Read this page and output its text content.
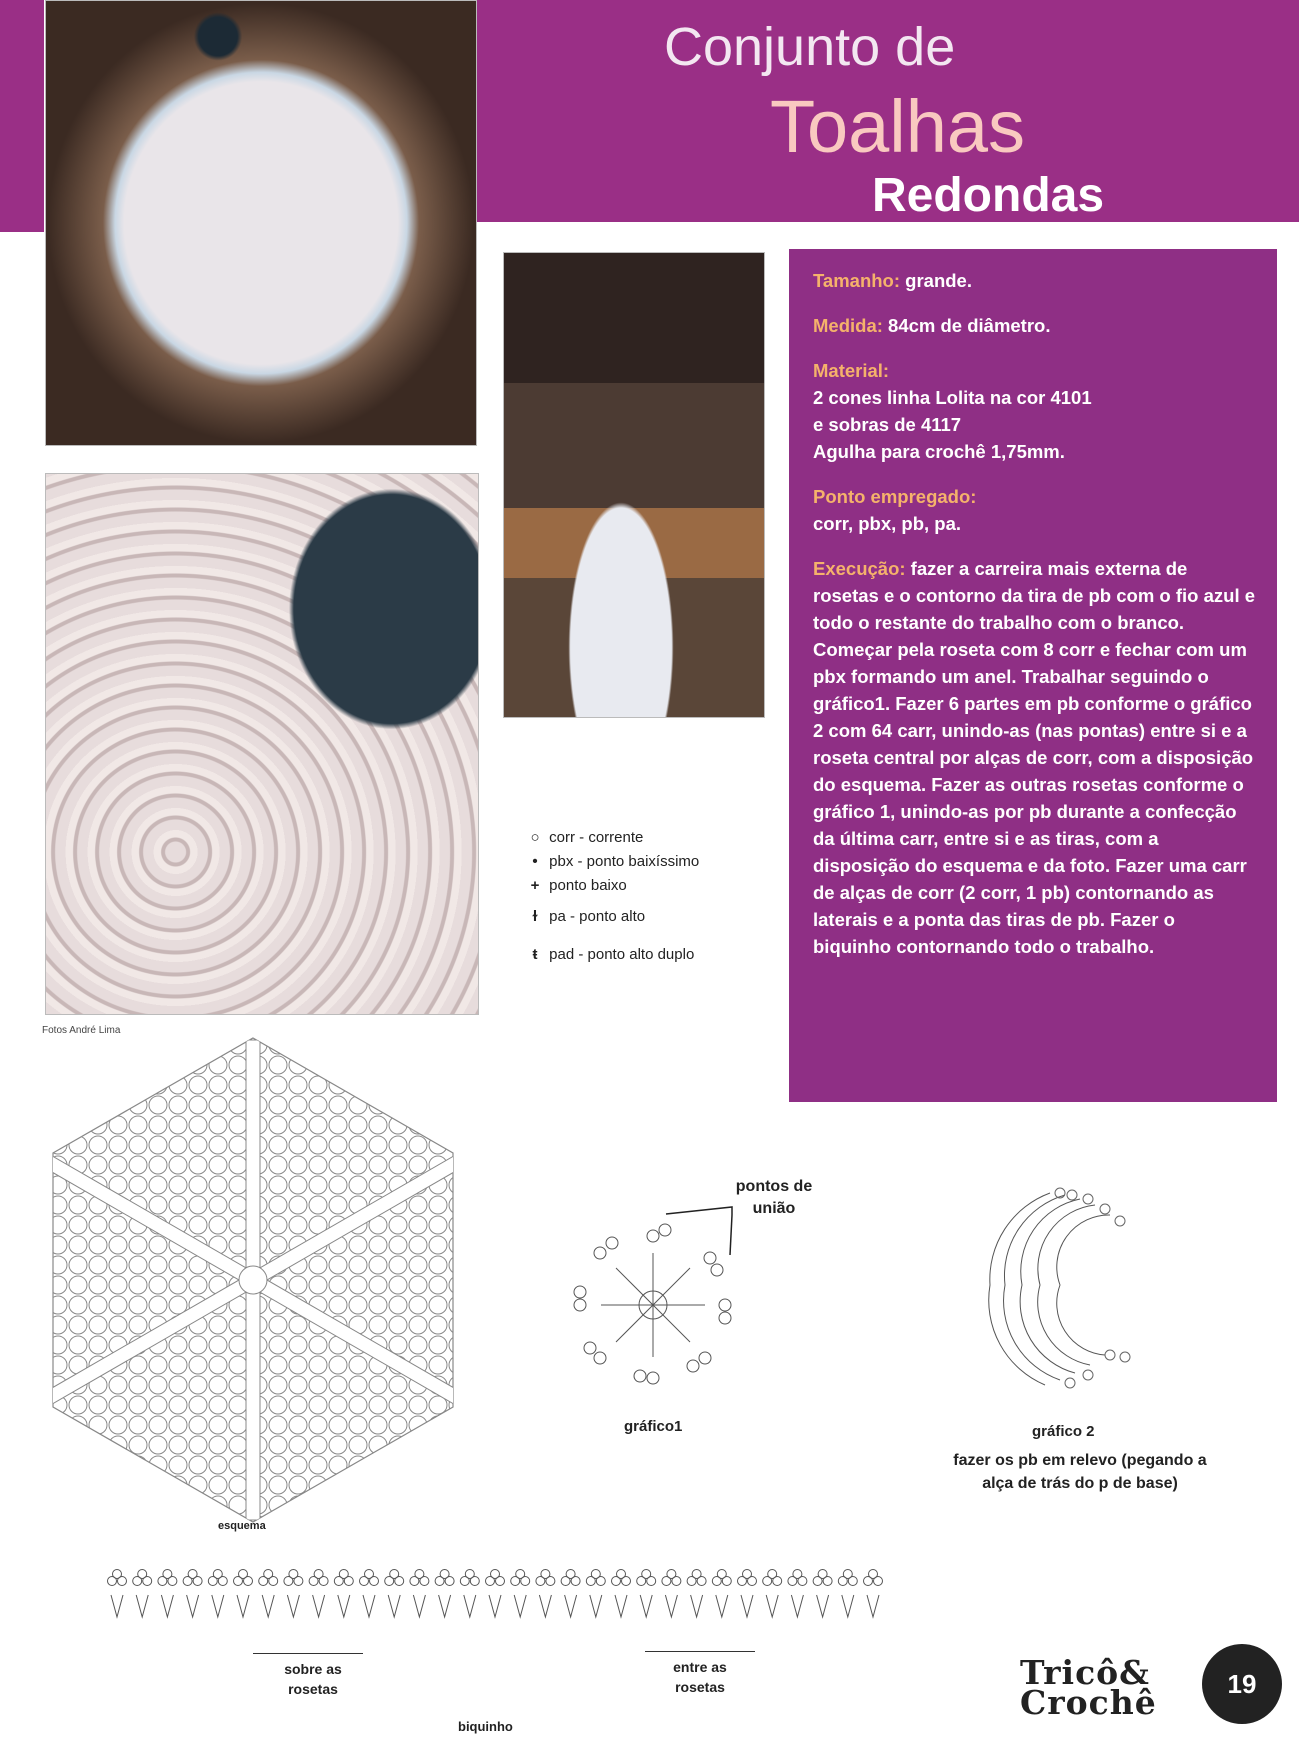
Conjunto de
Toalhas
Redondas
Fotos André Lima

Tamanho: grande.

Medida: 84cm de diâmetro.

Material:
2 cones linha Lolita na cor 4101
e sobras de 4117
Agulha para crochê 1,75mm.

Ponto empregado:
corr, pbx, pb, pa.

Execução: fazer a carreira mais externa de rosetas e o contorno da tira de pb com o fio azul e todo o restante do trabalho com o branco. Começar pela roseta com 8 corr e fechar com um pbx formando um anel. Trabalhar seguindo o gráfico1. Fazer 6 partes em pb conforme o gráfico 2 com 64 carr, unindo-as (nas pontas) entre si e a roseta central por alças de corr, com a disposição do esquema. Fazer as outras rosetas conforme o gráfico 1, unindo-as por pb durante a confecção da última carr, entre si e as tiras, com a disposição do esquema e da foto. Fazer uma carr de alças de corr (2 corr, 1 pb) contornando as laterais e a ponta das tiras de pb. Fazer o biquinho contornando todo o trabalho.

○ corr - corrente
• pbx - ponto baixíssimo
+ ponto baixo
ɫ pa - ponto alto
ŧ pad - ponto alto duplo
esquema
gráfico1
pontos de união
gráfico 2
fazer os pb em relevo (pegando a alça de trás do p de base)
sobre as rosetas
entre as rosetas
biquinho
Tricô&
Crochê	19
